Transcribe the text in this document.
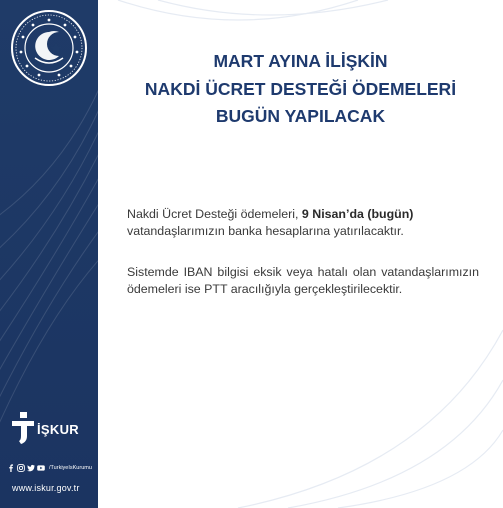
İŞKUR
/TurkiyeIsKurumu
www.iskur.gov.tr
MART AYINA İLİŞKİN
NAKDİ ÜCRET DESTEĞİ ÖDEMELERİ
BUGÜN YAPILACAK
Nakdi Ücret Desteği ödemeleri, 9 Nisan’da (bugün) vatandaşlarımızın banka hesaplarına yatırılacaktır.
Sistemde IBAN bilgisi eksik veya hatalı olan vatandaşlarımızın ödemeleri ise PTT aracılığıyla gerçekleştirilecektir.
